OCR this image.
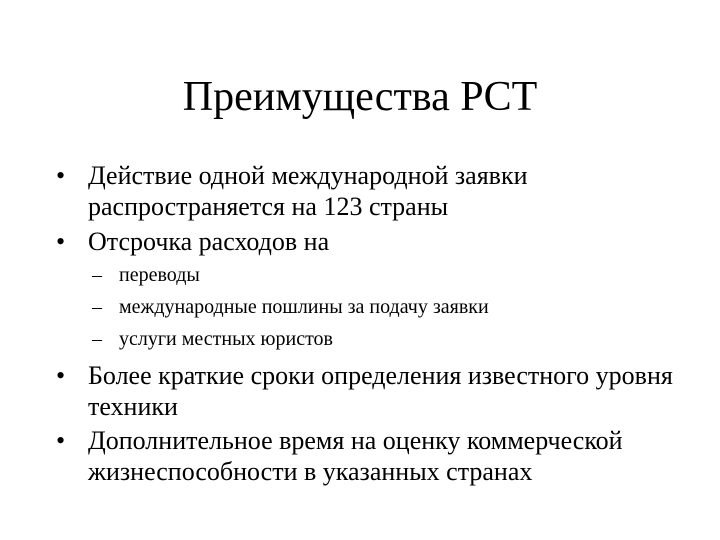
Преимущества PCT
• Действие одной международной заявки распространяется на 123 страны
• Отсрочка расходов на
– переводы
– международные пошлины за подачу заявки
– услуги местных юристов
• Более краткие сроки определения известного уровня техники
• Дополнительное время на оценку коммерческой жизнеспособности в указанных странах
